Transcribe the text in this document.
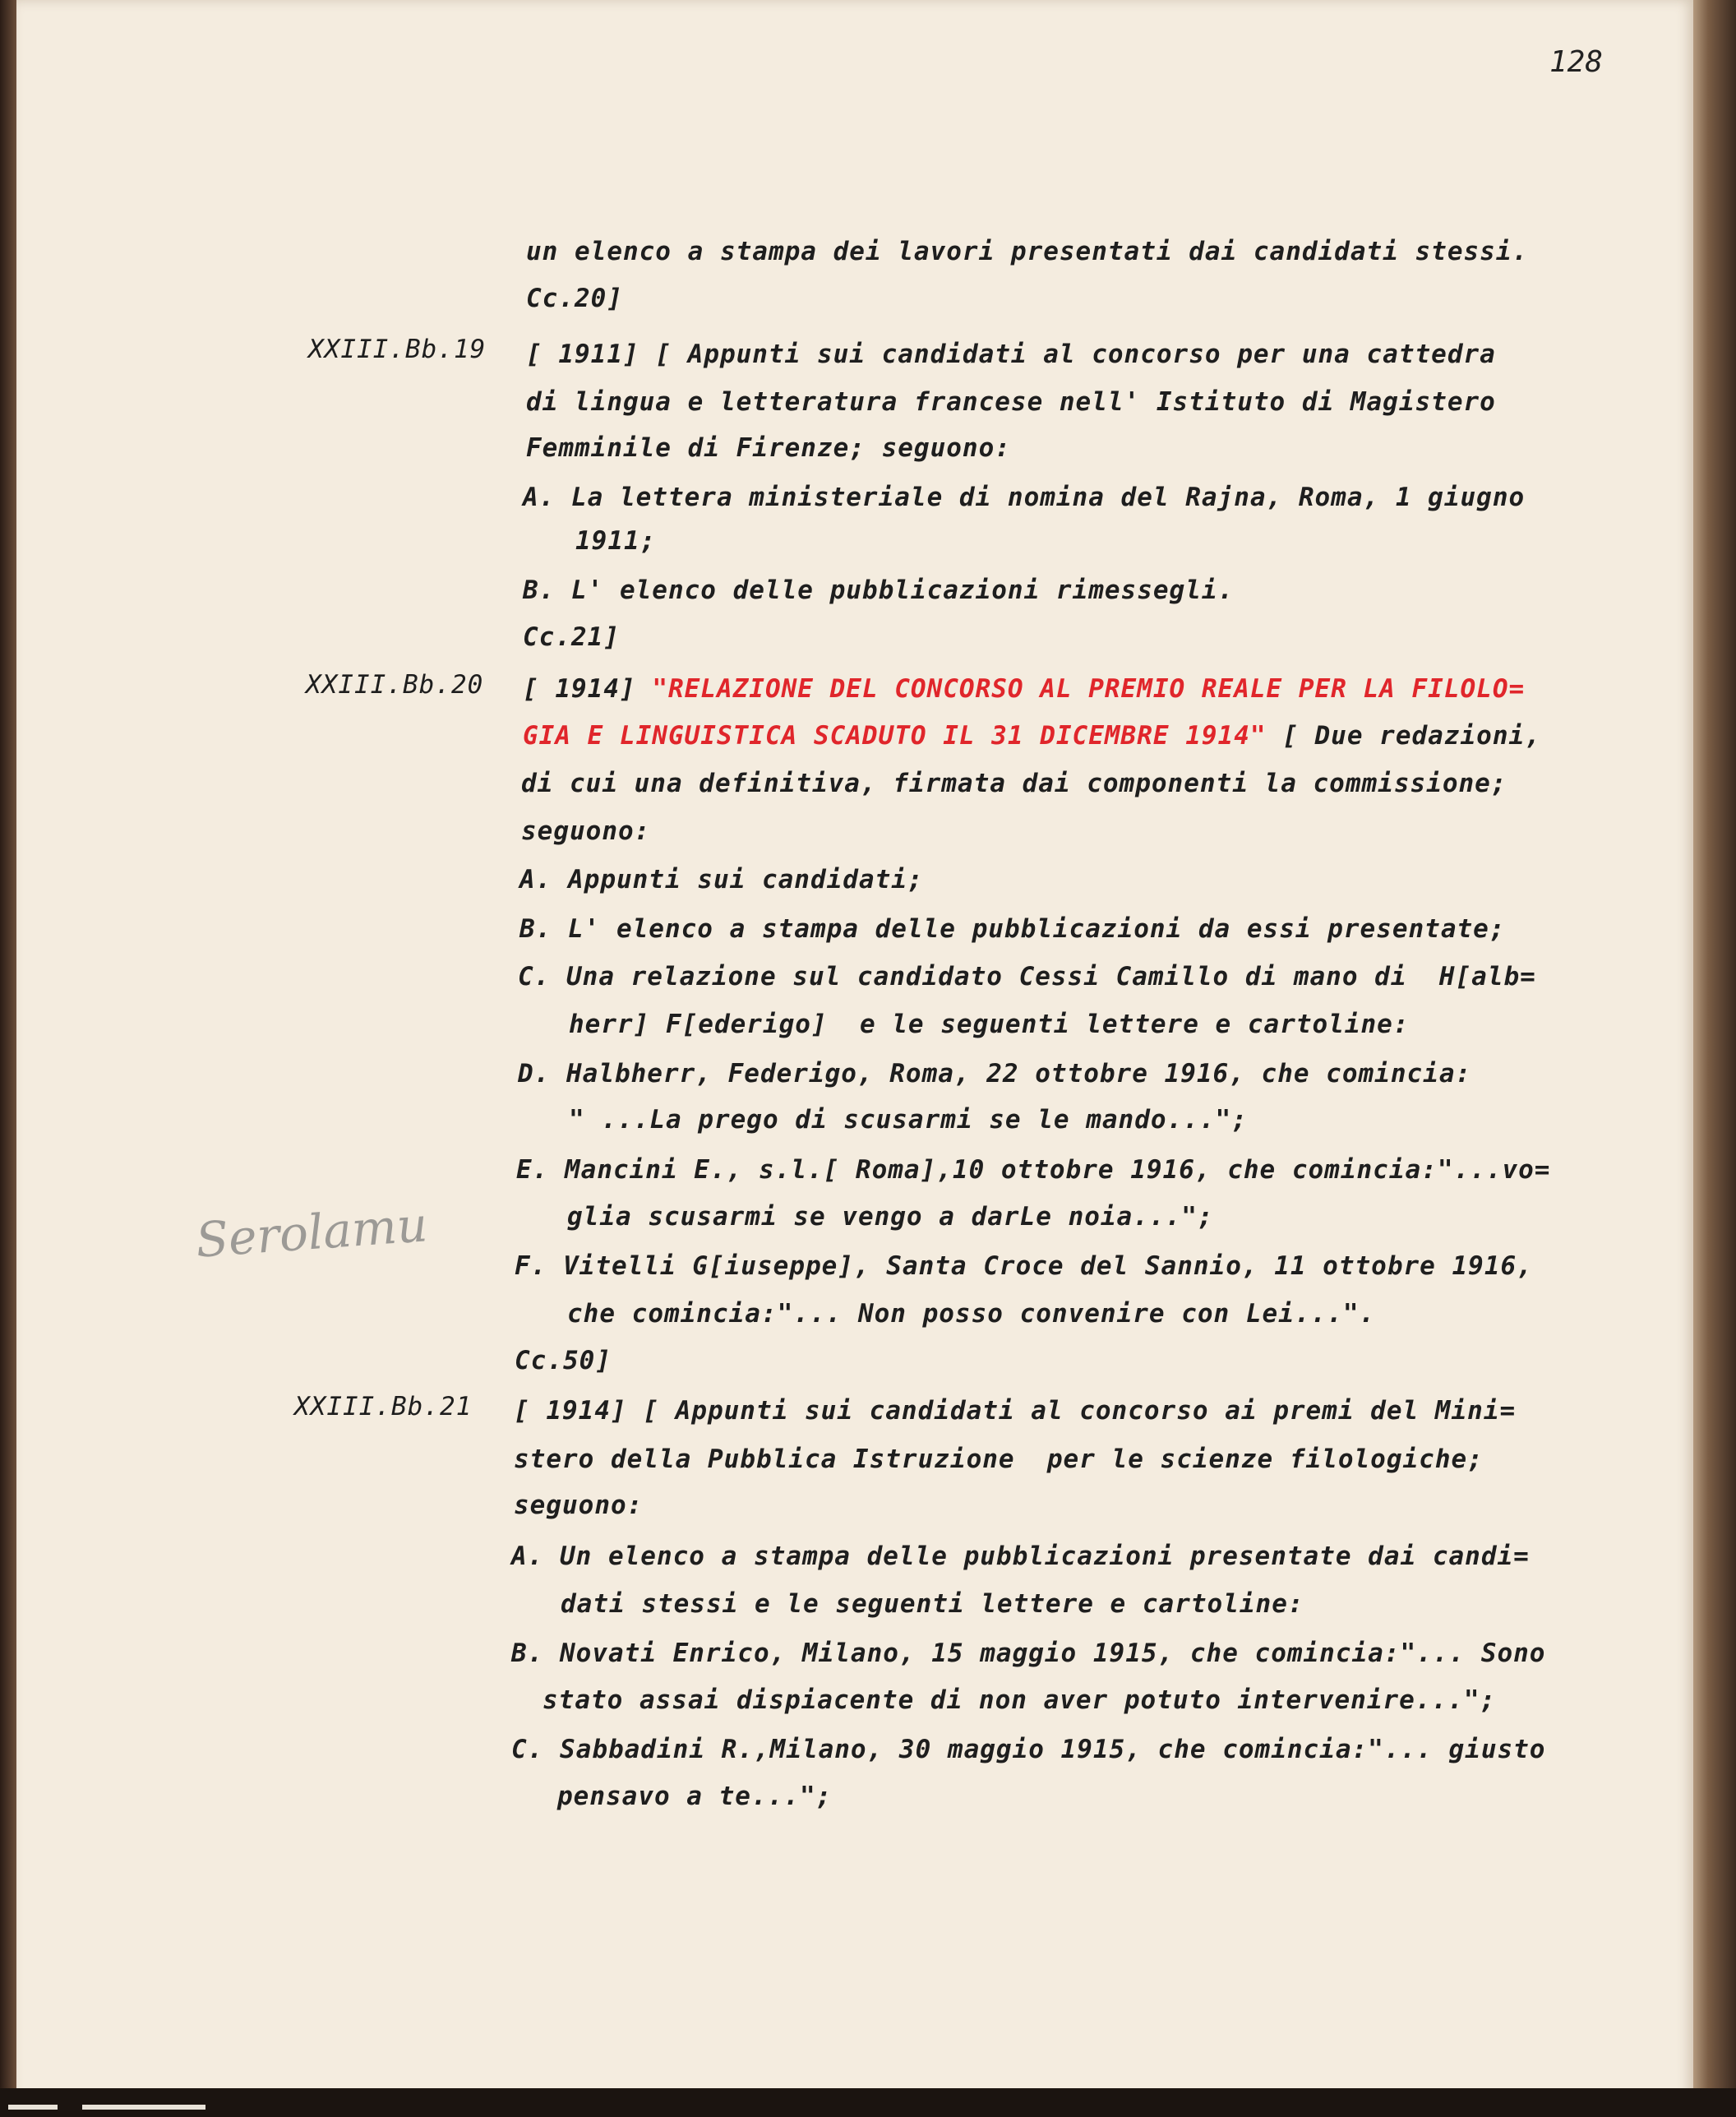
128
un elenco a stampa dei lavori presentati dai candidati stessi.
Cc.20]
XXIII.Bb.19 [ 1911] [ Appunti sui candidati al concorso per una cattedra
di lingua e letteratura francese nell' Istituto di Magistero
Femminile di Firenze; seguono:
A. La lettera ministeriale di nomina del Rajna, Roma, 1 giugno
1911;
B. L' elenco delle pubblicazioni rimessegli.
Cc.21]
XXIII.Bb.20 [ 1914] "RELAZIONE DEL CONCORSO AL PREMIO REALE PER LA FILOLO=
GIA E LINGUISTICA SCADUTO IL 31 DICEMBRE 1914" [ Due redazioni,
di cui una definitiva, firmata dai componenti la commissione;
seguono:
A. Appunti sui candidati;
B. L' elenco a stampa delle pubblicazioni da essi presentate;
C. Una relazione sul candidato Cessi Camillo di mano di  H[alb=
herr] F[ederigo]  e le seguenti lettere e cartoline:
D. Halbherr, Federigo, Roma, 22 ottobre 1916, che comincia:
" ...La prego di scusarmi se le mando...";
E. Mancini E., s.l.[ Roma],10 ottobre 1916, che comincia:"...vo=
glia scusarmi se vengo a darLe noia...";
F. Vitelli G[iuseppe], Santa Croce del Sannio, 11 ottobre 1916,
che comincia:"... Non posso convenire con Lei...".
Cc.50]
Serolamu
XXIII.Bb.21 [ 1914] [ Appunti sui candidati al concorso ai premi del Mini=
stero della Pubblica Istruzione  per le scienze filologiche;
seguono:
A. Un elenco a stampa delle pubblicazioni presentate dai candi=
dati stessi e le seguenti lettere e cartoline:
B. Novati Enrico, Milano, 15 maggio 1915, che comincia:"... Sono
stato assai dispiacente di non aver potuto intervenire...";
C. Sabbadini R.,Milano, 30 maggio 1915, che comincia:"... giusto
pensavo a te...";
